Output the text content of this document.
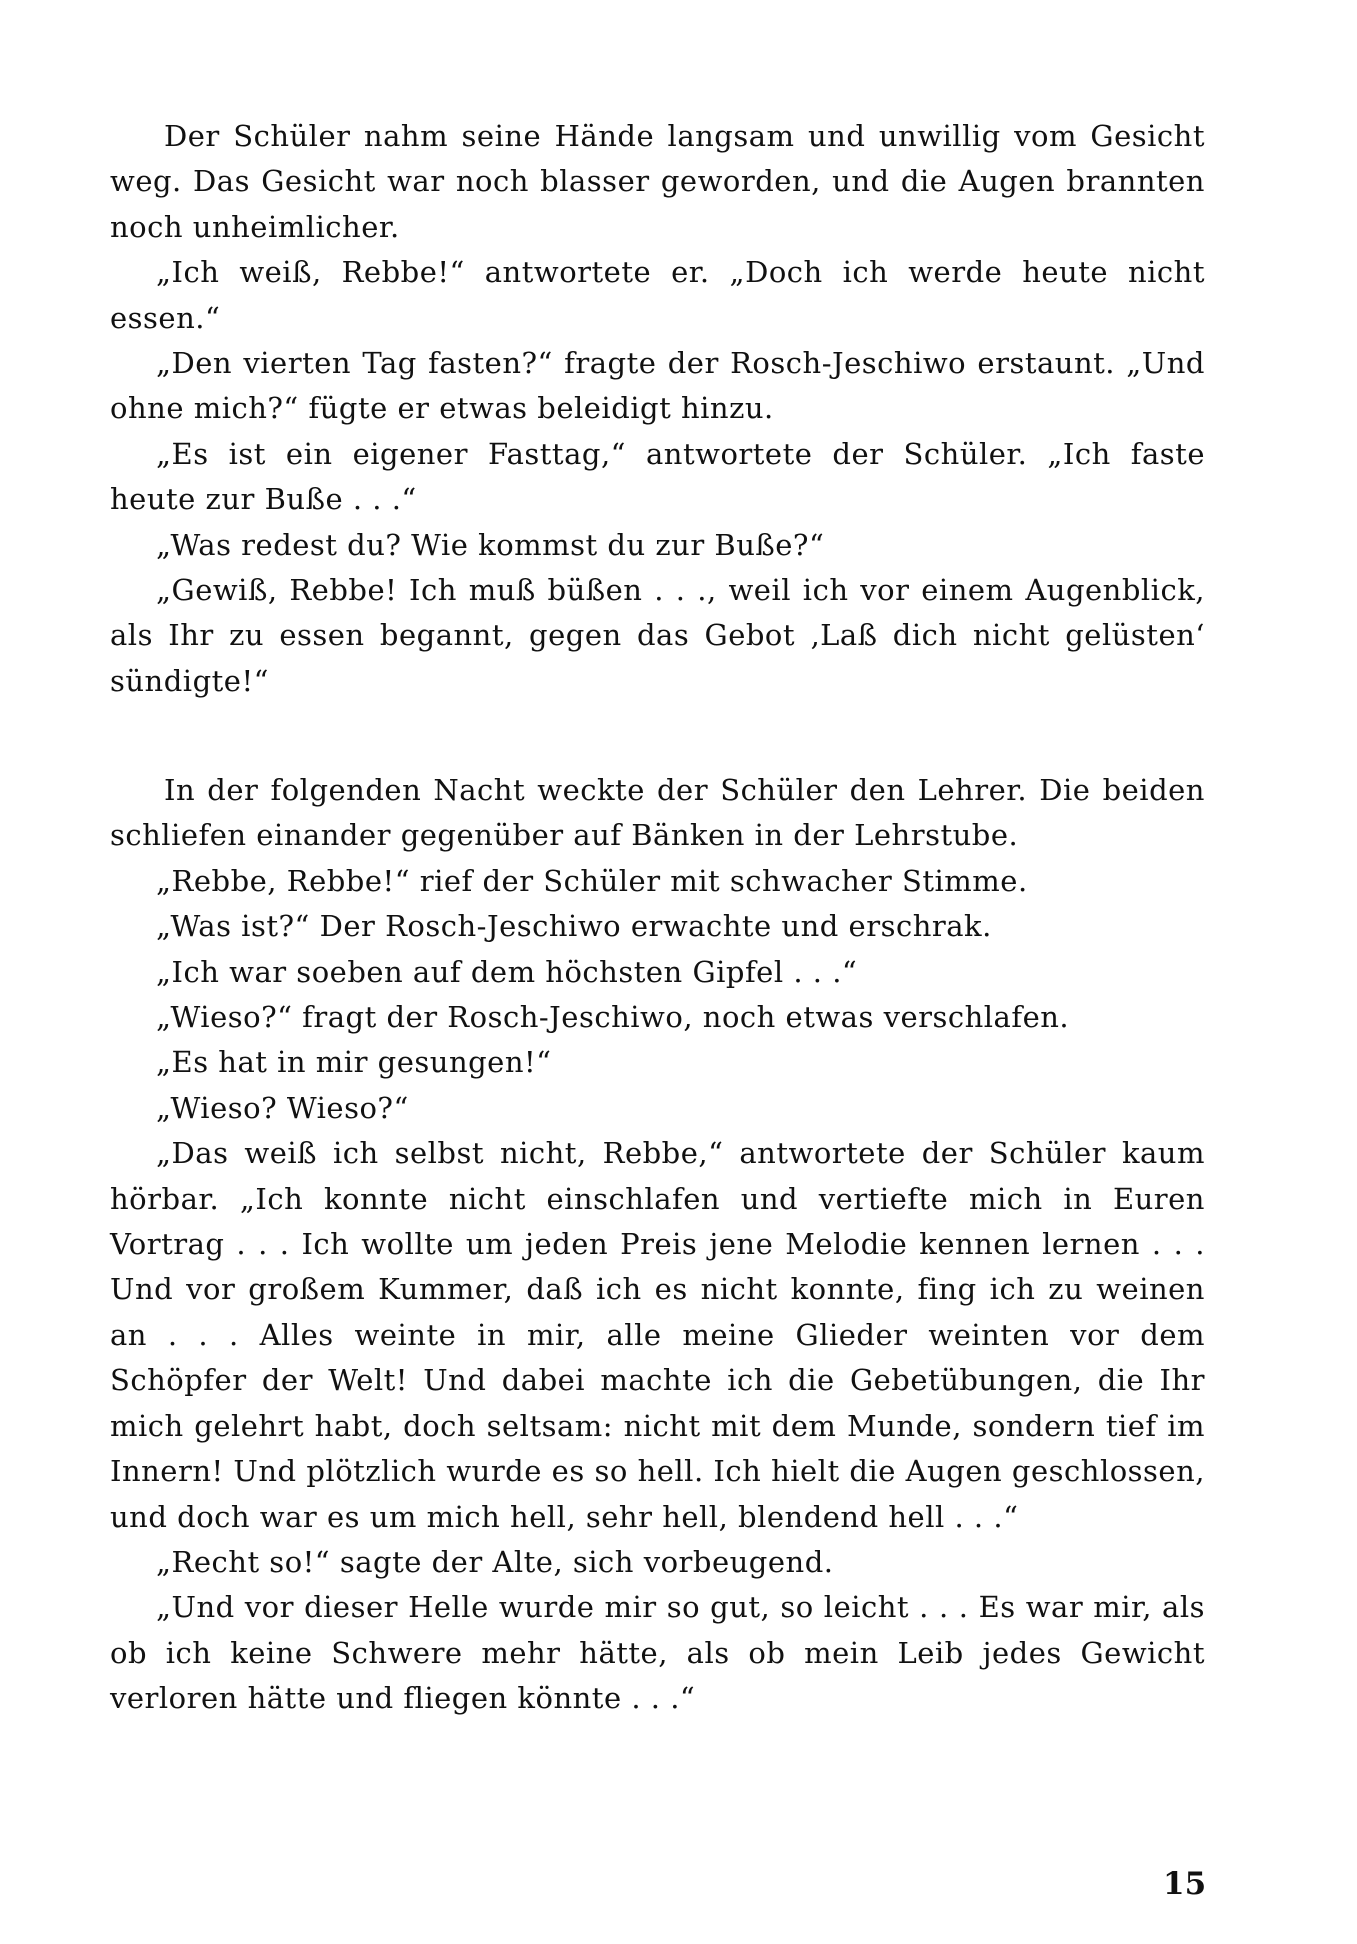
Der Schüler nahm seine Hände langsam und unwillig vom Gesicht weg. Das Gesicht war noch blasser geworden, und die Augen brannten noch unheimlicher.

„Ich weiß, Rebbe!“ antwortete er. „Doch ich werde heute nicht essen.“

„Den vierten Tag fasten?“ fragte der Rosch-Jeschiwo erstaunt. „Und ohne mich?“ fügte er etwas beleidigt hinzu.

„Es ist ein eigener Fasttag,“ antwortete der Schüler. „Ich faste heute zur Buße . . .“

„Was redest du? Wie kommst du zur Buße?“

„Gewiß, Rebbe! Ich muß büßen . . ., weil ich vor einem Augenblick, als Ihr zu essen begannt, gegen das Gebot ‚Laß dich nicht gelüsten‘ sündigte!“

In der folgenden Nacht weckte der Schüler den Lehrer. Die beiden schliefen einander gegenüber auf Bänken in der Lehrstube.

„Rebbe, Rebbe!“ rief der Schüler mit schwacher Stimme.

„Was ist?“ Der Rosch-Jeschiwo erwachte und erschrak.

„Ich war soeben auf dem höchsten Gipfel . . .“

„Wieso?“ fragt der Rosch-Jeschiwo, noch etwas verschlafen.

„Es hat in mir gesungen!“

„Wieso? Wieso?“

„Das weiß ich selbst nicht, Rebbe,“ antwortete der Schüler kaum hörbar. „Ich konnte nicht einschlafen und vertiefte mich in Euren Vortrag . . . Ich wollte um jeden Preis jene Melodie kennen lernen . . . Und vor großem Kummer, daß ich es nicht konnte, fing ich zu weinen an . . . Alles weinte in mir, alle meine Glieder weinten vor dem Schöpfer der Welt! Und dabei machte ich die Gebetübungen, die Ihr mich gelehrt habt, doch seltsam: nicht mit dem Munde, sondern tief im Innern! Und plötzlich wurde es so hell. Ich hielt die Augen geschlossen, und doch war es um mich hell, sehr hell, blendend hell . . .“

„Recht so!“ sagte der Alte, sich vorbeugend.

„Und vor dieser Helle wurde mir so gut, so leicht . . . Es war mir, als ob ich keine Schwere mehr hätte, als ob mein Leib jedes Gewicht verloren hätte und fliegen könnte . . .“

15
